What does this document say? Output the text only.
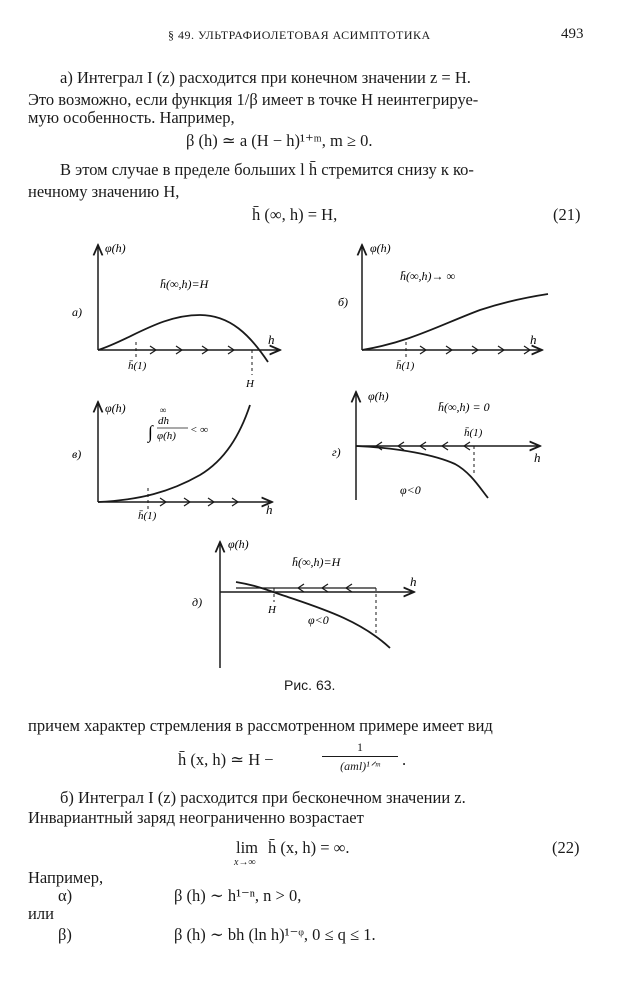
§ 49. УЛЬТРАФИОЛЕТОВАЯ АСИМПТОТИКА	493
а) Интеграл I (z) расходится при конечном значении z = H.
Это возможно, если функция 1/β имеет в точке H неинтегрируе-
мую особенность. Например,
β (h) ≃ a (H − h)¹⁺ᵐ, m ≥ 0.
В этом случае в пределе больших l h̄ стремится снизу к ко-
нечному значению H,
h̄ (∞, h) = H,	(21)
φ(h)
h
h̄(∞,h)=H
а)
h̄(1)
H
φ(h)
h
h̄(∞,h)→ ∞
б)
h̄(1)
φ(h)
h
∞
∫
dh
φ(h) < ∞
в)
h̄(1)
φ(h)
h
h̄(∞,h) = 0
h̄(1)
φ<0
г)
φ(h)
h
h̄(∞,h)=H
H
φ<0
д)
Рис. 63.
причем характер стремления в рассмотренном примере имеет вид
h̄ (x, h) ≃ H −
1
(aml)¹ᐟᵐ	.
б) Интеграл I (z) расходится при бесконечном значении z.
Инвариантный заряд неограниченно возрастает
lim
x→∞
h̄ (x, h) = ∞.	(22)
Например,
α)	β (h) ∼ h¹⁻ⁿ, n > 0,
или
β)	β (h) ∼ bh (ln h)¹⁻ᵠ, 0 ≤ q ≤ 1.
